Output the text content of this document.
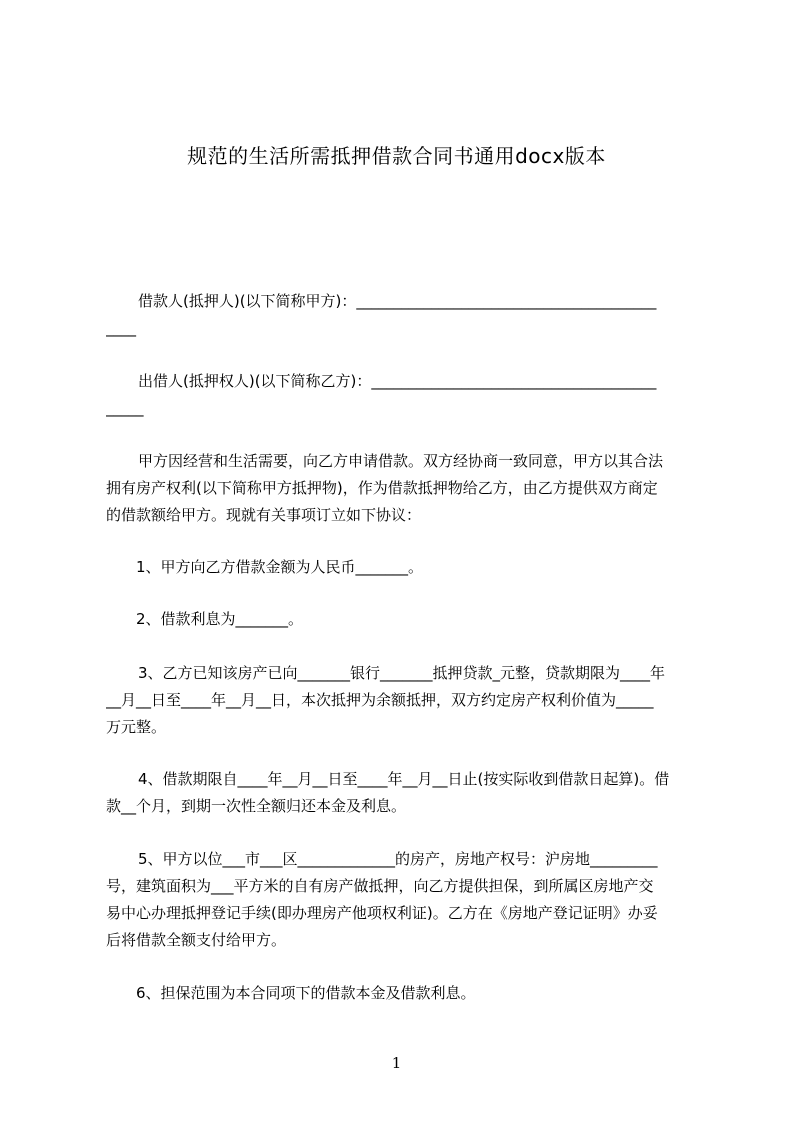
规范的生活所需抵押借款合同书通用docx版本
借款人(抵押人)(以下简称甲方)：________________________________________
____
出借人(抵押权人)(以下简称乙方)：______________________________________
_____
甲方因经营和生活需要，向乙方申请借款。双方经协商一致同意，甲方以其合法
拥有房产权利(以下简称甲方抵押物)，作为借款抵押物给乙方，由乙方提供双方商定
的借款额给甲方。现就有关事项订立如下协议：
1、甲方向乙方借款金额为人民币_______。
2、借款利息为_______。
3、乙方已知该房产已向_______银行_______抵押贷款_元整，贷款期限为____年
__月__日至____年__月__日，本次抵押为余额抵押，双方约定房产权利价值为_____
万元整。
4、借款期限自____年__月__日至____年__月__日止(按实际收到借款日起算)。借
款__个月，到期一次性全额归还本金及利息。
5、甲方以位___市___区_____________的房产，房地产权号：沪房地_________
号，建筑面积为___平方米的自有房产做抵押，向乙方提供担保，到所属区房地产交
易中心办理抵押登记手续(即办理房产他项权利证)。乙方在《房地产登记证明》办妥
后将借款全额支付给甲方。
6、担保范围为本合同项下的借款本金及借款利息。
1
